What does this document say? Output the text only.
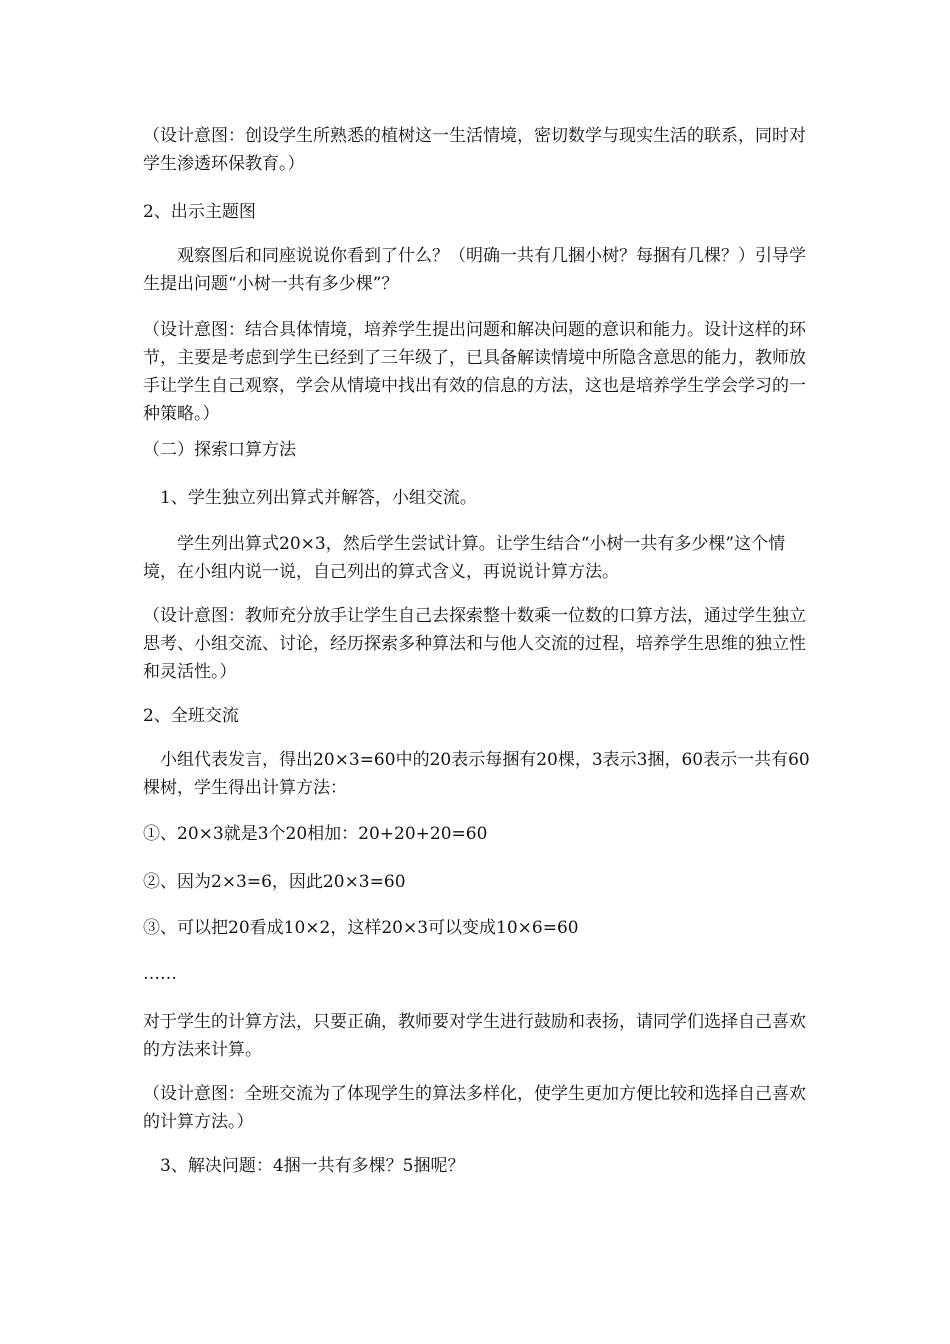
（设计意图：创设学生所熟悉的植树这一生活情境，密切数学与现实生活的联系，同时对学生渗透环保教育。）

2、出示主题图

　　观察图后和同座说说你看到了什么？（明确一共有几捆小树？每捆有几棵？）引导学生提出问题“小树一共有多少棵”？

（设计意图：结合具体情境，培养学生提出问题和解决问题的意识和能力。设计这样的环节，主要是考虑到学生已经到了三年级了，已具备解读情境中所隐含意思的能力，教师放手让学生自己观察，学会从情境中找出有效的信息的方法，这也是培养学生学会学习的一种策略。）

（二）探索口算方法

　1、学生独立列出算式并解答，小组交流。

　　学生列出算式20×3，然后学生尝试计算。让学生结合“小树一共有多少棵”这个情境，在小组内说一说，自己列出的算式含义，再说说计算方法。

（设计意图：教师充分放手让学生自己去探索整十数乘一位数的口算方法，通过学生独立思考、小组交流、讨论，经历探索多种算法和与他人交流的过程，培养学生思维的独立性和灵活性。）

2、全班交流

　小组代表发言，得出20×3=60中的20表示每捆有20棵，3表示3捆，60表示一共有60棵树，学生得出计算方法：

①、20×3就是3个20相加：20+20+20=60

②、因为2×3=6，因此20×3=60

③、可以把20看成10×2，这样20×3可以变成10×6=60

……

对于学生的计算方法，只要正确，教师要对学生进行鼓励和表扬，请同学们选择自己喜欢的方法来计算。

（设计意图：全班交流为了体现学生的算法多样化，使学生更加方便比较和选择自己喜欢的计算方法。）

　3、解决问题：4捆一共有多棵？5捆呢？
